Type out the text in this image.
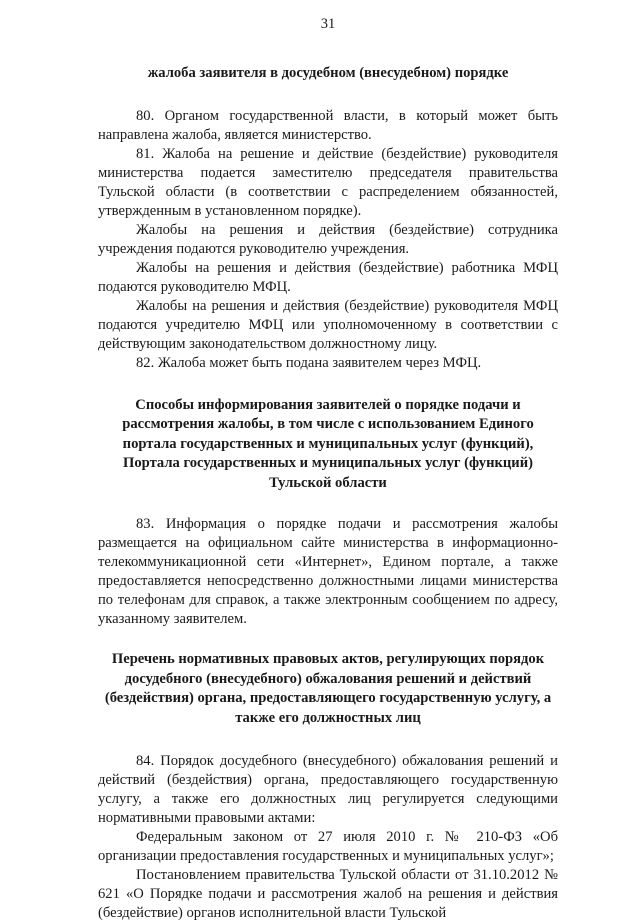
31
жалоба заявителя в досудебном (внесудебном) порядке

80. Органом государственной власти, в который может быть направлена жалоба, является министерство.

81. Жалоба на решение и действие (бездействие) руководителя министерства подается заместителю председателя правительства Тульской области (в соответствии с распределением обязанностей, утвержденным в установленном порядке).

Жалобы на решения и действия (бездействие) сотрудника учреждения подаются руководителю учреждения.

Жалобы на решения и действия (бездействие) работника МФЦ подаются руководителю МФЦ.

Жалобы на решения и действия (бездействие) руководителя МФЦ подаются учредителю МФЦ или уполномоченному в соответствии с действующим законодательством должностному лицу.

82. Жалоба может быть подана заявителем через МФЦ.

Способы информирования заявителей о порядке подачи и рассмотрения жалобы, в том числе с использованием Единого портала государственных и муниципальных услуг (функций), Портала государственных и муниципальных услуг (функций) Тульской области

83. Информация о порядке подачи и рассмотрения жалобы размещается на официальном сайте министерства в информационно-телекоммуникационной сети «Интернет», Едином портале, а также предоставляется непосредственно должностными лицами министерства по телефонам для справок, а также электронным сообщением по адресу, указанному заявителем.

Перечень нормативных правовых актов, регулирующих порядок досудебного (внесудебного) обжалования решений и действий (бездействия) органа, предоставляющего государственную услугу, а также его должностных лиц

84. Порядок досудебного (внесудебного) обжалования решений и действий (бездействия) органа, предоставляющего государственную услугу, а также его должностных лиц регулируется следующими нормативными правовыми актами:

Федеральным законом от 27 июля 2010 г. № 210-ФЗ «Об организации предоставления государственных и муниципальных услуг»;

Постановлением правительства Тульской области от 31.10.2012 № 621 «О Порядке подачи и рассмотрения жалоб на решения и действия (бездействие) органов исполнительной власти Тульской
